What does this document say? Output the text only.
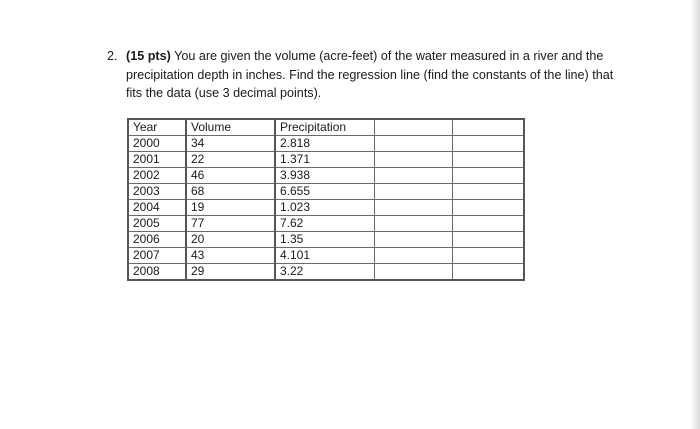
2. (15 pts) You are given the volume (acre-feet) of the water measured in a river and the precipitation depth in inches. Find the regression line (find the constants of the line) that fits the data (use 3 decimal points).
Year	Volume	Precipitation		
2000	34	2.818		
2001	22	1.371		
2002	46	3.938		
2003	68	6.655		
2004	19	1.023		
2005	77	7.62		
2006	20	1.35		
2007	43	4.101		
2008	29	3.22		
